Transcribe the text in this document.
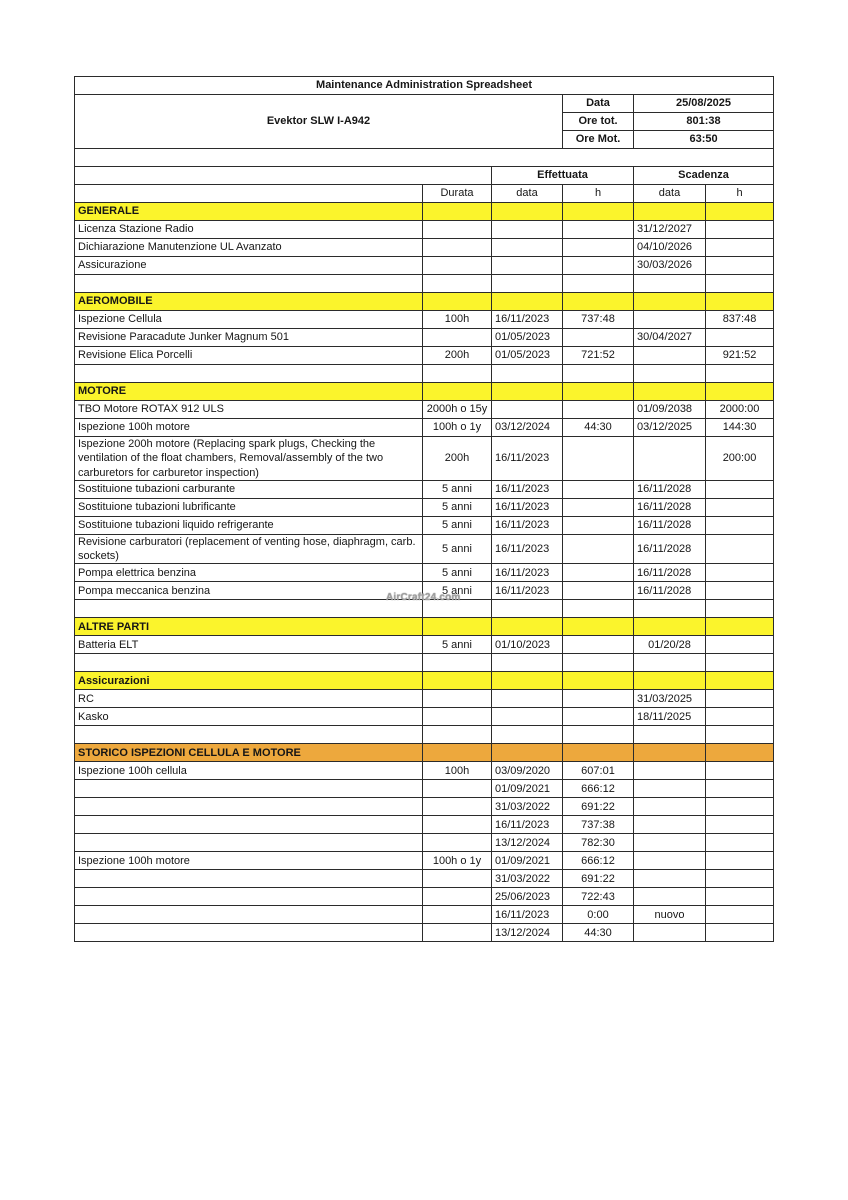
Maintenance Administration Spreadsheet					
Evektor SLW I-A942			Data	25/08/2025	
			Ore tot.	801:38	
			Ore Mot.	63:50	

		Effettuata		Scadenza	
	Durata	data	h	data	h
GENERALE					
Licenza Stazione Radio				31/12/2027	
Dichiarazione Manutenzione UL Avanzato				04/10/2026	
Assicurazione				30/03/2026	

AEROMOBILE					
Ispezione Cellula	100h	16/11/2023	737:48		837:48
Revisione Paracadute Junker Magnum 501		01/05/2023		30/04/2027	
Revisione Elica Porcelli	200h	01/05/2023	721:52		921:52

MOTORE					
TBO Motore ROTAX 912 ULS	2000h o 15y			01/09/2038	2000:00
Ispezione 100h motore	100h o 1y	03/12/2024	44:30	03/12/2025	144:30
Ispezione 200h motore (Replacing spark plugs, Checking the ventilation of the float chambers, Removal/assembly of the two carburetors for carburetor inspection)	200h	16/11/2023			200:00
Sostituione tubazioni carburante	5 anni	16/11/2023		16/11/2028	
Sostituione tubazioni lubrificante	5 anni	16/11/2023		16/11/2028	
Sostituione tubazioni liquido refrigerante	5 anni	16/11/2023		16/11/2028	
Revisione carburatori (replacement of venting hose, diaphragm, carb. sockets)	5 anni	16/11/2023		16/11/2028	
Pompa elettrica benzina	5 anni	16/11/2023		16/11/2028	
Pompa meccanica benzina	5 anni	16/11/2023		16/11/2028	

ALTRE PARTI					
Batteria ELT	5 anni	01/10/2023		01/20/28	

Assicurazioni					
RC				31/03/2025	
Kasko				18/11/2025	

STORICO ISPEZIONI CELLULA E MOTORE					
Ispezione 100h cellula	100h	03/09/2020	607:01		
		01/09/2021	666:12		
		31/03/2022	691:22		
		16/11/2023	737:38		
		13/12/2024	782:30		
Ispezione 100h motore	100h o 1y	01/09/2021	666:12		
		31/03/2022	691:22		
		25/06/2023	722:43		
		16/11/2023	0:00	nuovo	
		13/12/2024	44:30		
AirCraft24.com
